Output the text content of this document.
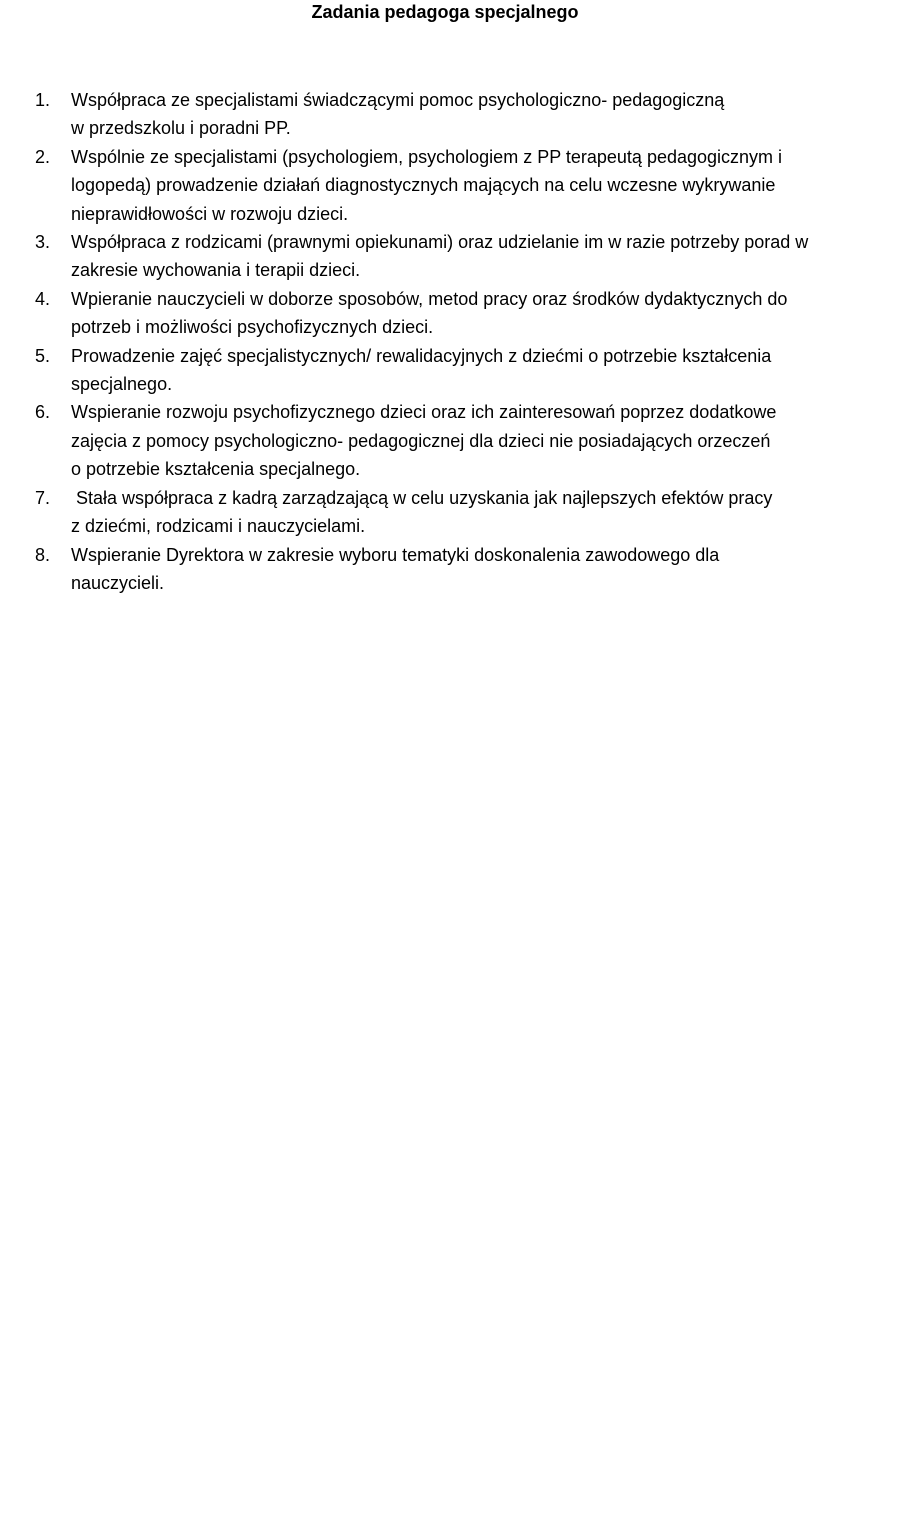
Zadania pedagoga specjalnego
1. Współpraca ze specjalistami świadczącymi pomoc psychologiczno- pedagogiczną
w przedszkolu i poradni PP.
2. Wspólnie ze specjalistami (psychologiem, psychologiem z PP terapeutą pedagogicznym i
logopedą) prowadzenie działań diagnostycznych mających na celu wczesne wykrywanie
nieprawidłowości w rozwoju dzieci.
3. Współpraca z rodzicami (prawnymi opiekunami) oraz udzielanie im w razie potrzeby porad w
zakresie wychowania i terapii dzieci.
4. Wpieranie nauczycieli w doborze sposobów, metod pracy oraz środków dydaktycznych do
potrzeb i możliwości psychofizycznych dzieci.
5. Prowadzenie zajęć specjalistycznych/ rewalidacyjnych z dziećmi o potrzebie kształcenia
specjalnego.
6. Wspieranie rozwoju psychofizycznego dzieci oraz ich zainteresowań poprzez dodatkowe
zajęcia z pomocy psychologiczno- pedagogicznej dla dzieci nie posiadających orzeczeń
o potrzebie kształcenia specjalnego.
7. Stała współpraca z kadrą zarządzającą w celu uzyskania jak najlepszych efektów pracy
z dziećmi, rodzicami i nauczycielami.
8. Wspieranie Dyrektora w zakresie wyboru tematyki doskonalenia zawodowego dla
nauczycieli.
